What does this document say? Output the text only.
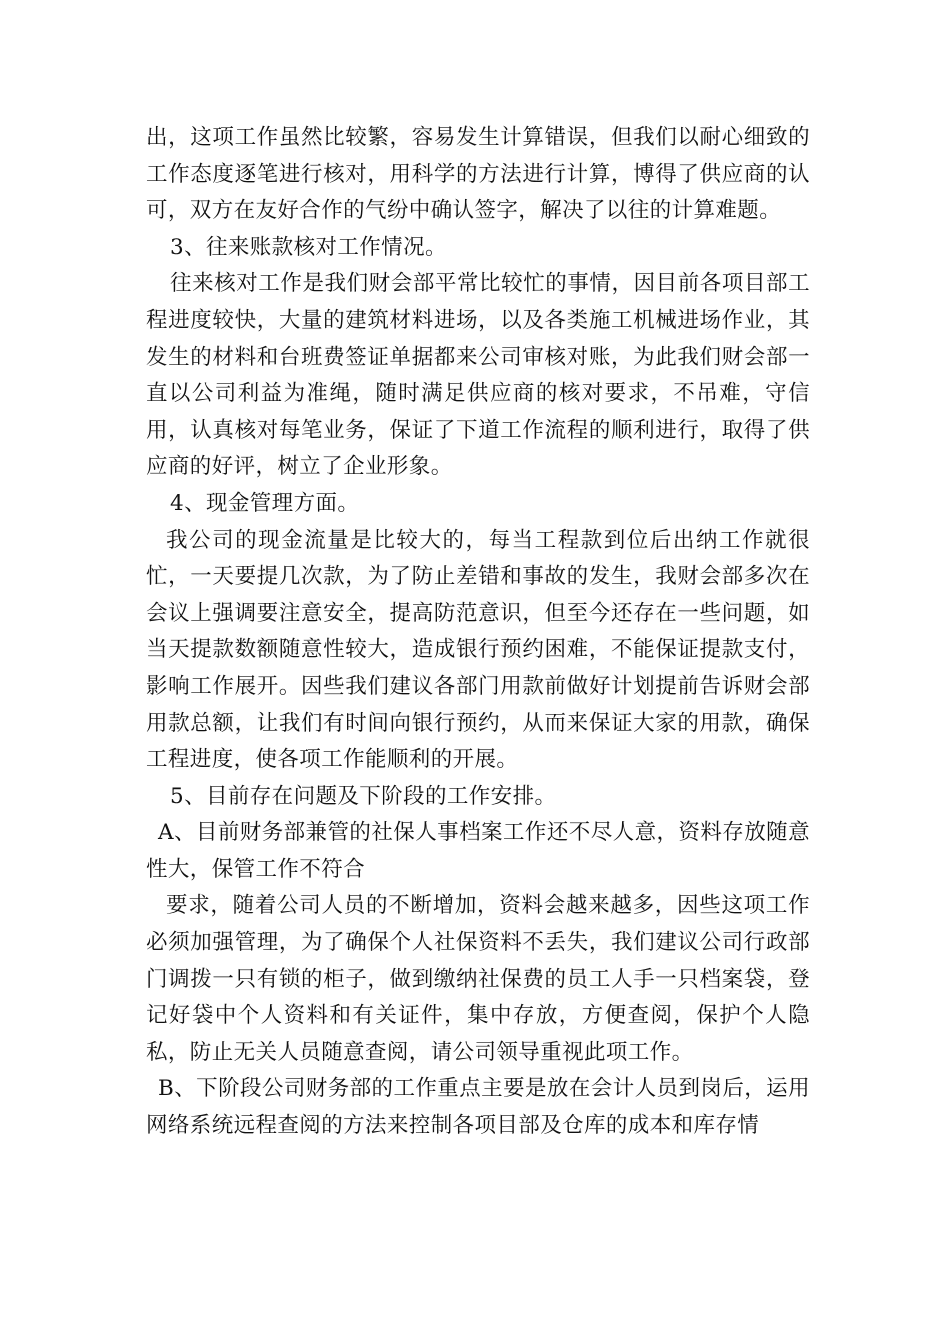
出，这项工作虽然比较繁，容易发生计算错误，但我们以耐心细致的工作态度逐笔进行核对，用科学的方法进行计算，博得了供应商的认可，双方在友好合作的气纷中确认签字，解决了以往的计算难题。

3、往来账款核对工作情况。

往来核对工作是我们财会部平常比较忙的事情，因目前各项目部工程进度较快，大量的建筑材料进场，以及各类施工机械进场作业，其发生的材料和台班费签证单据都来公司审核对账，为此我们财会部一直以公司利益为准绳，随时满足供应商的核对要求，不吊难，守信用，认真核对每笔业务，保证了下道工作流程的顺利进行，取得了供应商的好评，树立了企业形象。

4、现金管理方面。

我公司的现金流量是比较大的，每当工程款到位后出纳工作就很忙，一天要提几次款，为了防止差错和事故的发生，我财会部多次在会议上强调要注意安全，提高防范意识，但至今还存在一些问题，如当天提款数额随意性较大，造成银行预约困难，不能保证提款支付，影响工作展开。因些我们建议各部门用款前做好计划提前告诉财会部用款总额，让我们有时间向银行预约，从而来保证大家的用款，确保工程进度，使各项工作能顺利的开展。

5、目前存在问题及下阶段的工作安排。

A、目前财务部兼管的社保人事档案工作还不尽人意，资料存放随意性大，保管工作不符合

要求，随着公司人员的不断增加，资料会越来越多，因些这项工作必须加强管理，为了确保个人社保资料不丢失，我们建议公司行政部门调拨一只有锁的柜子，做到缴纳社保费的员工人手一只档案袋，登记好袋中个人资料和有关证件，集中存放，方便查阅，保护个人隐私，防止无关人员随意查阅，请公司领导重视此项工作。

B、下阶段公司财务部的工作重点主要是放在会计人员到岗后，运用网络系统远程查阅的方法来控制各项目部及仓库的成本和库存情
